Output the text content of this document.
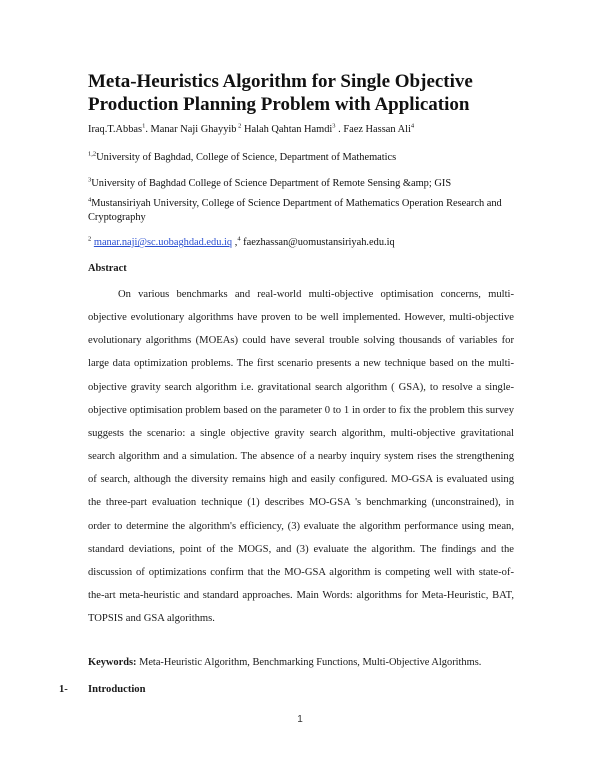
Meta-Heuristics Algorithm for Single Objective Production Planning Problem with Application
Iraq.T.Abbas$^1$. Manar Naji Ghayyib $^2$ Halah Qahtan Hamdi$^3$ . Faez Hassan Ali$^4$
$^{1,2}$University of Baghdad, College of Science, Department of Mathematics
$^3$University of Baghdad College of Science Department of Remote Sensing &amp; GIS
$^4$Mustansiriyah University, College of Science Department of Mathematics Operation Research and Cryptography
$^2$ manar.naji@sc.uobaghdad.edu.iq ,$^4$ faezhassan@uomustansiriyah.edu.iq
Abstract

On various benchmarks and real-world multi-objective optimisation concerns, multi-objective evolutionary algorithms have proven to be well implemented. However, multi-objective evolutionary algorithms (MOEAs) could have several trouble solving thousands of variables for large data optimization problems. The first scenario presents a new technique based on the multi-objective gravity search algorithm i.e. gravitational search algorithm ( GSA), to resolve a single-objective optimisation problem based on the parameter 0 to 1 in order to fix the problem this survey suggests the scenario: a single objective gravity search algorithm, multi-objective gravitational search algorithm and a simulation. The absence of a nearby inquiry system rises the strengthening of search, although the diversity remains high and easily configured. MO-GSA is evaluated using the three-part evaluation technique (1) describes MO-GSA 's benchmarking (unconstrained), in order to determine the algorithm's efficiency, (3) evaluate the algorithm performance using mean, standard deviations, point of the MOGS, and (3) evaluate the algorithm. The findings and the discussion of optimizations confirm that the MO-GSA algorithm is competing well with state-of-the-art meta-heuristic and standard approaches. Main Words: algorithms for Meta-Heuristic, BAT, TOPSIS and GSA algorithms.

Keywords: Meta-Heuristic Algorithm, Benchmarking Functions, Multi-Objective Algorithms.
1- Introduction
1
